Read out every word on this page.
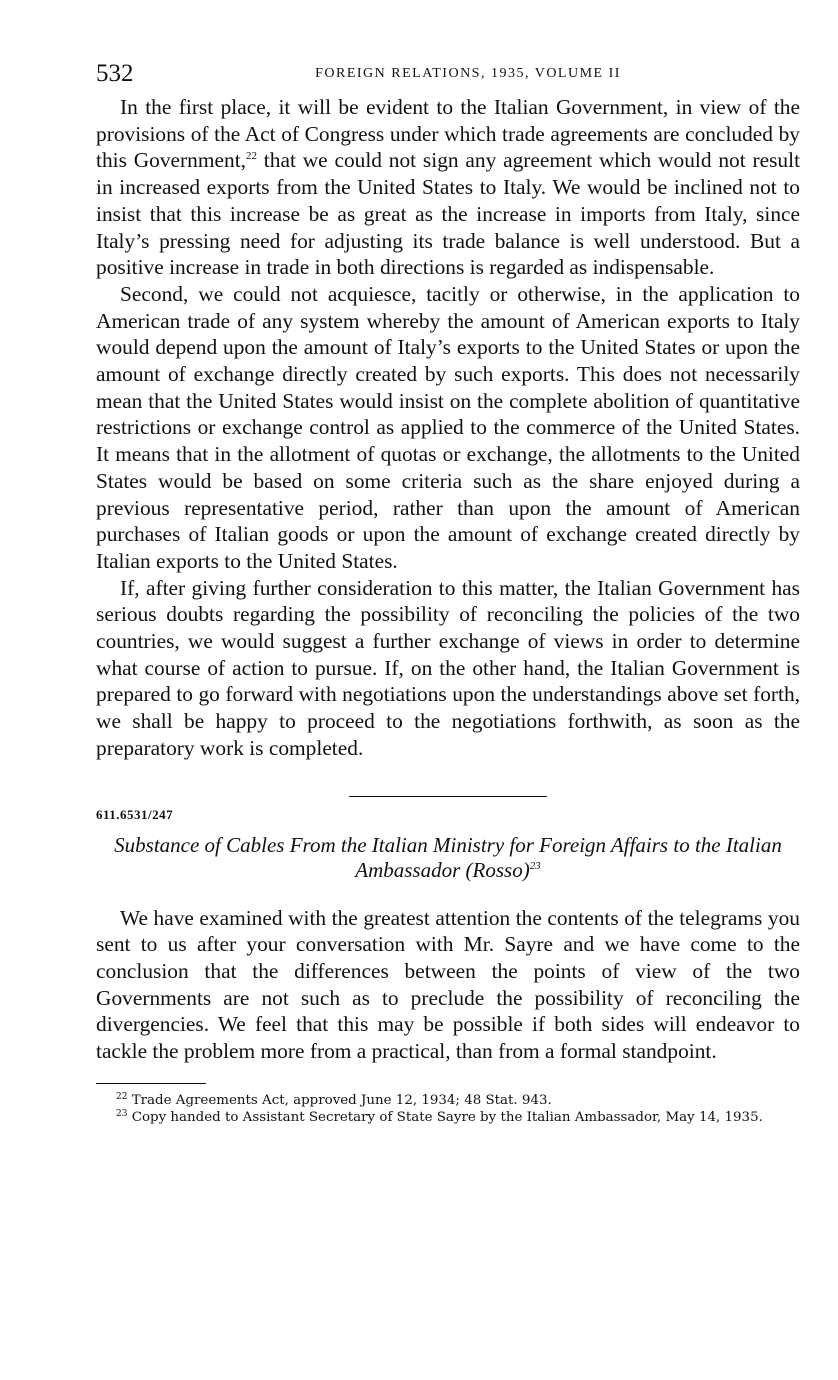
532	FOREIGN RELATIONS, 1935, VOLUME II

In the first place, it will be evident to the Italian Government, in view of the provisions of the Act of Congress under which trade agreements are concluded by this Government,$^{22}$ that we could not sign any agreement which would not result in increased exports from the United States to Italy. We would be inclined not to insist that this increase be as great as the increase in imports from Italy, since Italy’s pressing need for adjusting its trade balance is well understood. But a positive increase in trade in both directions is regarded as indispensable.

Second, we could not acquiesce, tacitly or otherwise, in the application to American trade of any system whereby the amount of American exports to Italy would depend upon the amount of Italy’s exports to the United States or upon the amount of exchange directly created by such exports. This does not necessarily mean that the United States would insist on the complete abolition of quantitative restrictions or exchange control as applied to the commerce of the United States. It means that in the allotment of quotas or exchange, the allotments to the United States would be based on some criteria such as the share enjoyed during a previous representative period, rather than upon the amount of American purchases of Italian goods or upon the amount of exchange created directly by Italian exports to the United States.

If, after giving further consideration to this matter, the Italian Government has serious doubts regarding the possibility of reconciling the policies of the two countries, we would suggest a further exchange of views in order to determine what course of action to pursue. If, on the other hand, the Italian Government is prepared to go forward with negotiations upon the understandings above set forth, we shall be happy to proceed to the negotiations forthwith, as soon as the preparatory work is completed.

611.6531/247
Substance of Cables From the Italian Ministry for Foreign Affairs to the Italian Ambassador (Rosso)$^{23}$

We have examined with the greatest attention the contents of the telegrams you sent to us after your conversation with Mr. Sayre and we have come to the conclusion that the differences between the points of view of the two Governments are not such as to preclude the possibility of reconciling the divergencies. We feel that this may be possible if both sides will endeavor to tackle the problem more from a practical, than from a formal standpoint.

$^{22}$ Trade Agreements Act, approved June 12, 1934; 48 Stat. 943.

$^{23}$ Copy handed to Assistant Secretary of State Sayre by the Italian Ambassador, May 14, 1935.
